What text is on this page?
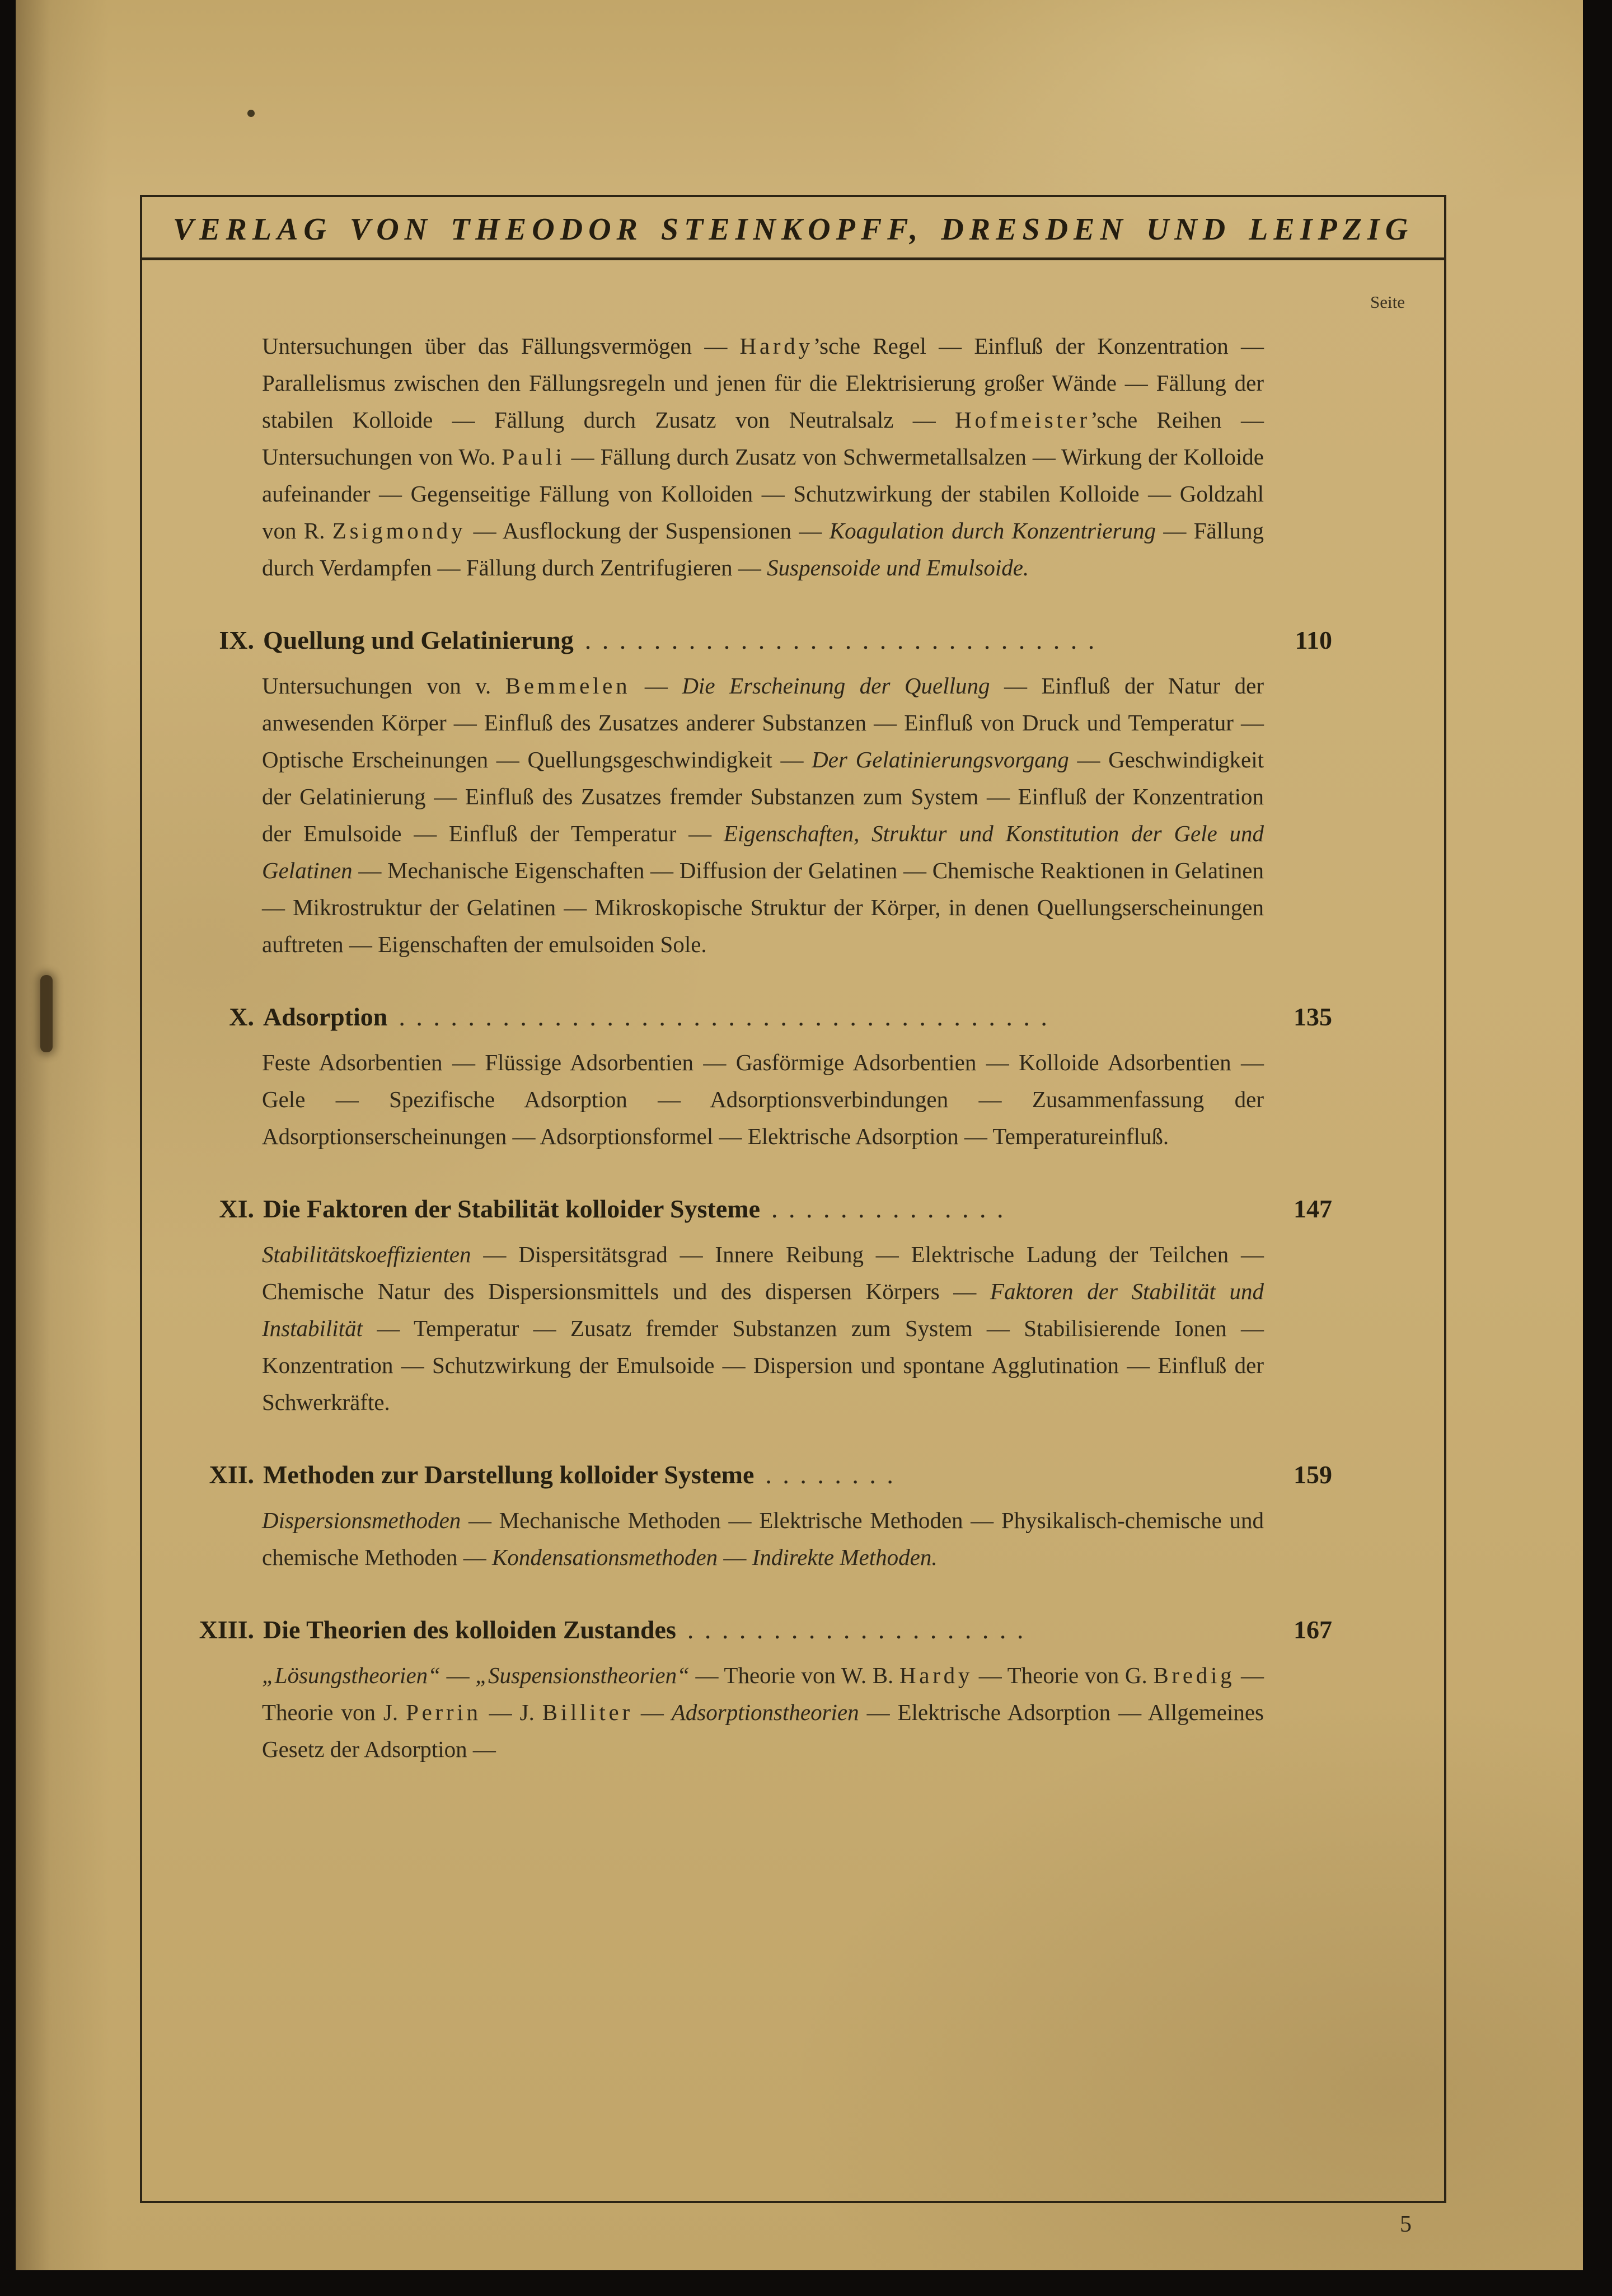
VERLAG VON THEODOR STEINKOPFF, DRESDEN UND LEIPZIG
Seite

Untersuchungen über das Fällungsvermögen — Hardy’sche Regel — Einfluß der Konzentration — Parallelismus zwischen den Fällungsregeln und jenen für die Elektrisierung großer Wände — Fällung der stabilen Kolloide — Fällung durch Zusatz von Neutralsalz — Hofmeister’sche Reihen — Untersuchungen von Wo. Pauli — Fällung durch Zusatz von Schwermetallsalzen — Wirkung der Kolloide aufeinander — Gegenseitige Fällung von Kolloiden — Schutzwirkung der stabilen Kolloide — Goldzahl von R. Zsigmondy — Ausflockung der Suspensionen — Koagulation durch Konzentrierung — Fällung durch Verdampfen — Fällung durch Zentrifugieren — Suspensoide und Emulsoide.

IX. Quellung und Gelatinierung . . . . . . . . . . . . . . . . . . . . . . . . . . . . . .	110

Untersuchungen von v. Bemmelen — Die Erscheinung der Quellung — Einfluß der Natur der anwesenden Körper — Einfluß des Zusatzes anderer Substanzen — Einfluß von Druck und Temperatur — Optische Erscheinungen — Quellungsgeschwindigkeit — Der Gelatinierungsvorgang — Geschwindigkeit der Gelatinierung — Einfluß des Zusatzes fremder Substanzen zum System — Einfluß der Konzentration der Emulsoide — Einfluß der Temperatur — Eigenschaften, Struktur und Konstitution der Gele und Gelatinen — Mechanische Eigenschaften — Diffusion der Gelatinen — Chemische Reaktionen in Gelatinen — Mikrostruktur der Gelatinen — Mikroskopische Struktur der Körper, in denen Quellungserscheinungen auftreten — Eigenschaften der emulsoiden Sole.

X. Adsorption . . . . . . . . . . . . . . . . . . . . . . . . . . . . . . . . . . . . . .	135

Feste Adsorbentien — Flüssige Adsorbentien — Gasförmige Adsorbentien — Kolloide Adsorbentien — Gele — Spezifische Adsorption — Adsorptionsverbindungen — Zusammenfassung der Adsorptionserscheinungen — Adsorptionsformel — Elektrische Adsorption — Temperatureinfluß.

XI. Die Faktoren der Stabilität kolloider Systeme . . . . . . . . . . . . . .	147

Stabilitätskoeffizienten — Dispersitätsgrad — Innere Reibung — Elektrische Ladung der Teilchen — Chemische Natur des Dispersionsmittels und des dispersen Körpers — Faktoren der Stabilität und Instabilität — Temperatur — Zusatz fremder Substanzen zum System — Stabilisierende Ionen — Konzentration — Schutzwirkung der Emulsoide — Dispersion und spontane Agglutination — Einfluß der Schwerkräfte.

XII. Methoden zur Darstellung kolloider Systeme . . . . . . . .	159

Dispersionsmethoden — Mechanische Methoden — Elektrische Methoden — Physikalisch-chemische und chemische Methoden — Kondensationsmethoden — Indirekte Methoden.

XIII. Die Theorien des kolloiden Zustandes . . . . . . . . . . . . . . . . . . . .	167

„Lösungstheorien“ — „Suspensionstheorien“ — Theorie von W. B. Hardy — Theorie von G. Bredig — Theorie von J. Perrin — J. Billiter — Adsorptionstheorien — Elektrische Adsorption — Allgemeines Gesetz der Adsorption —

5
